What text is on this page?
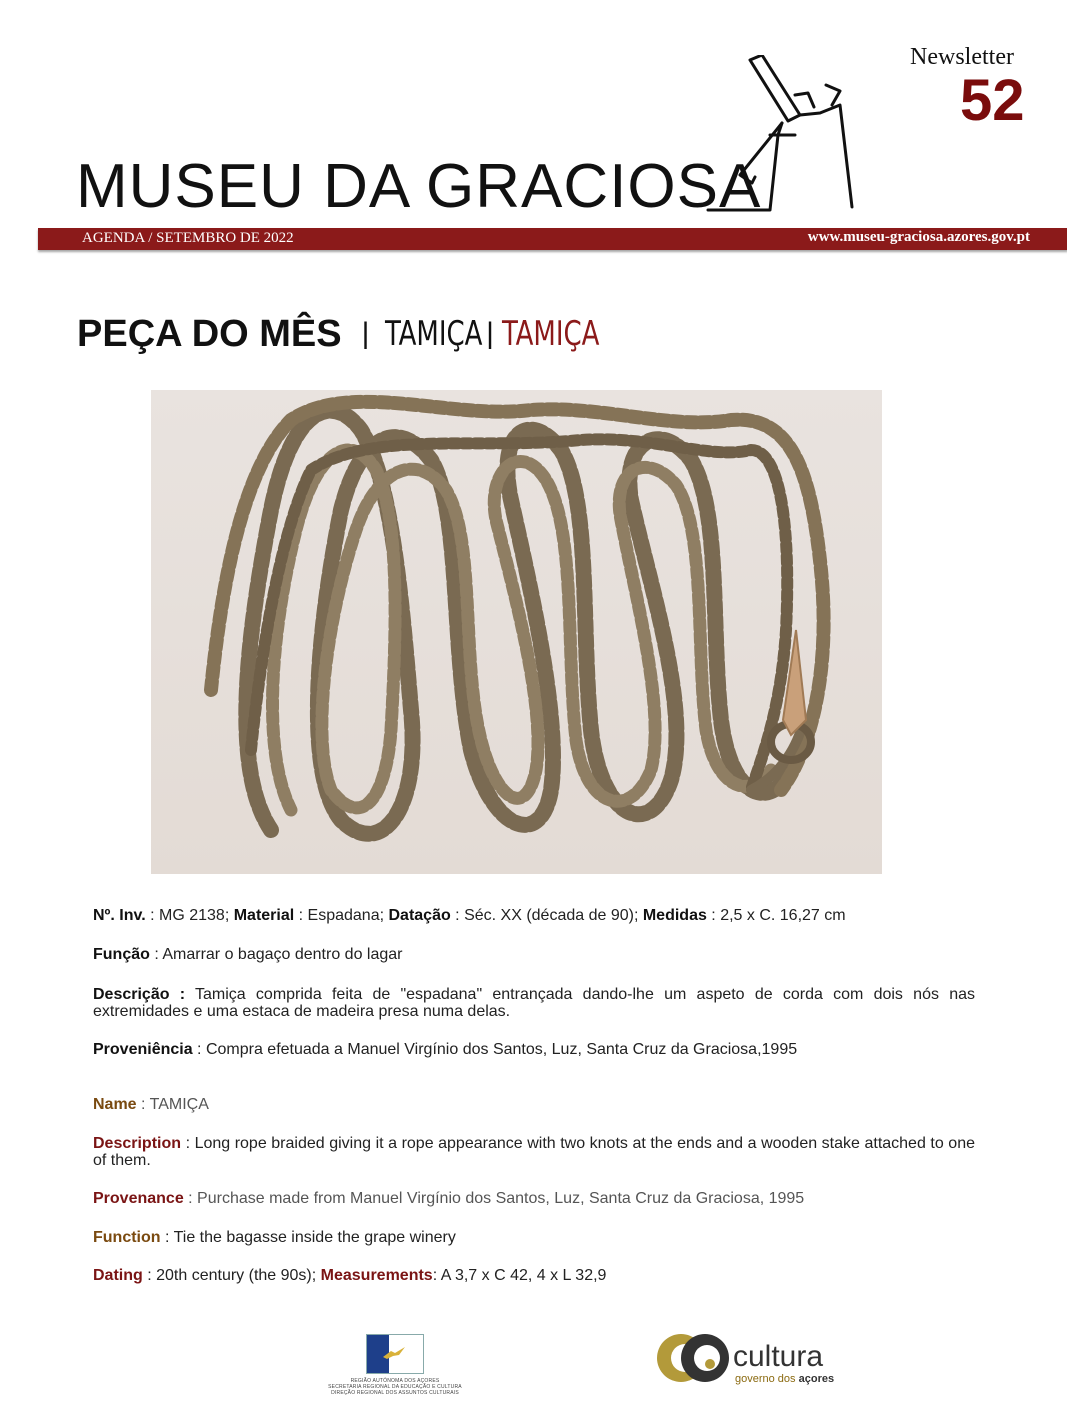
Newsletter
52
MUSEU DA GRACIOSA
AGENDA / SETEMBRO DE 2022	www.museu-graciosa.azores.gov.pt
PEÇA DO MÊS | TAMIÇA | TAMIÇA
Nº. Inv. : MG 2138; Material : Espadana; Datação : Séc. XX (década de 90); Medidas : 2,5 x C. 16,27 cm
Função : Amarrar o bagaço dentro do lagar
Descrição : Tamiça comprida feita de "espadana" entrançada dando-lhe um aspeto de corda com dois nós nas extremidades e uma estaca de madeira presa numa delas.
Proveniência : Compra efetuada a Manuel Virgínio dos Santos, Luz, Santa Cruz da Graciosa,1995
Name : TAMIÇA
Description : Long rope braided giving it a rope appearance with two knots at the ends and a wooden stake attached to one of them.
Provenance : Purchase made from Manuel Virgínio dos Santos, Luz, Santa Cruz da Graciosa, 1995
Function : Tie the bagasse inside the grape winery
Dating : 20th century (the 90s); Measurements: A 3,7 x C 42, 4 x L 32,9
REGIÃO AUTÓNOMA DOS AÇORES
SECRETARIA REGIONAL DA EDUCAÇÃO E CULTURA
DIREÇÃO REGIONAL DOS ASSUNTOS CULTURAIS
cultura
governo dos açores
